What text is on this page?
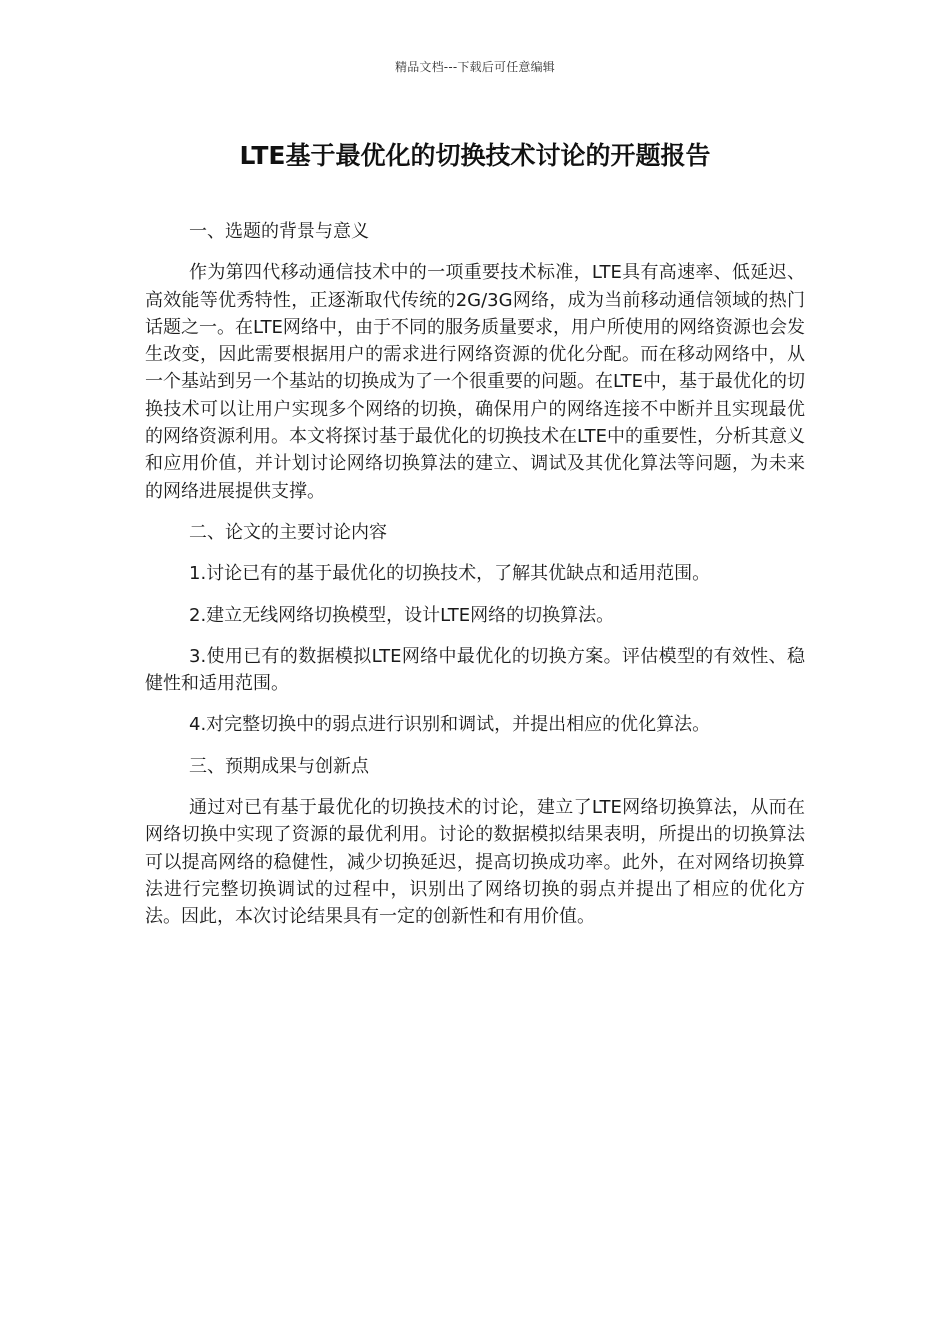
精品文档---下载后可任意编辑
LTE基于最优化的切换技术讨论的开题报告

一、选题的背景与意义

作为第四代移动通信技术中的一项重要技术标准，LTE具有高速率、低延迟、高效能等优秀特性，正逐渐取代传统的2G/3G网络，成为当前移动通信领域的热门话题之一。在LTE网络中，由于不同的服务质量要求，用户所使用的网络资源也会发生改变，因此需要根据用户的需求进行网络资源的优化分配。而在移动网络中，从一个基站到另一个基站的切换成为了一个很重要的问题。在LTE中，基于最优化的切换技术可以让用户实现多个网络的切换，确保用户的网络连接不中断并且实现最优的网络资源利用。本文将探讨基于最优化的切换技术在LTE中的重要性，分析其意义和应用价值，并计划讨论网络切换算法的建立、调试及其优化算法等问题，为未来的网络进展提供支撑。

二、论文的主要讨论内容

1.讨论已有的基于最优化的切换技术，了解其优缺点和适用范围。

2.建立无线网络切换模型，设计LTE网络的切换算法。

3.使用已有的数据模拟LTE网络中最优化的切换方案。评估模型的有效性、稳健性和适用范围。

4.对完整切换中的弱点进行识别和调试，并提出相应的优化算法。

三、预期成果与创新点

通过对已有基于最优化的切换技术的讨论，建立了LTE网络切换算法，从而在网络切换中实现了资源的最优利用。讨论的数据模拟结果表明，所提出的切换算法可以提高网络的稳健性，减少切换延迟，提高切换成功率。此外，在对网络切换算法进行完整切换调试的过程中，识别出了网络切换的弱点并提出了相应的优化方法。因此，本次讨论结果具有一定的创新性和有用价值。
